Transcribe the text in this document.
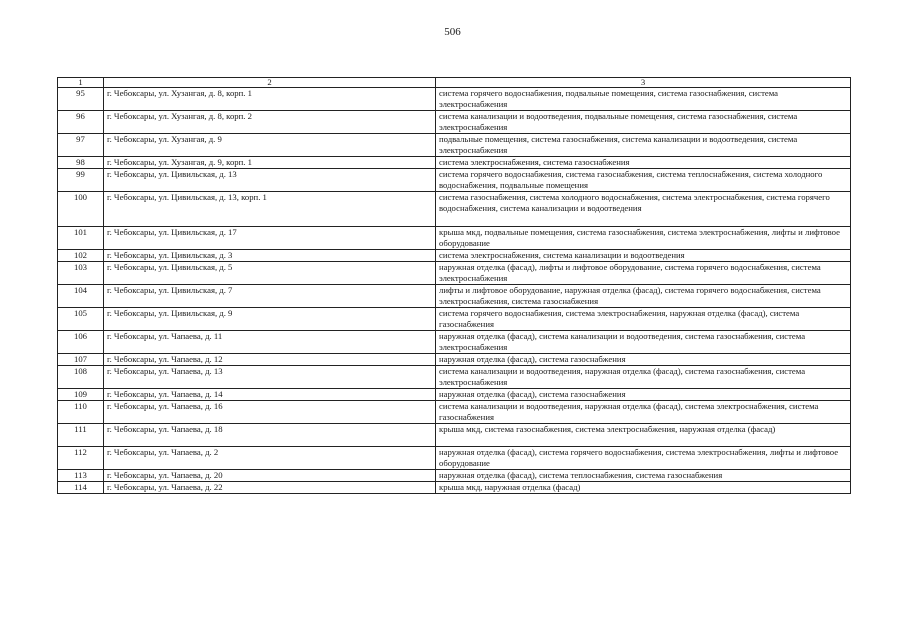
506
1	2	3
95	г. Чебоксары, ул. Хузангая, д. 8, корп. 1	система горячего водоснабжения, подвальные помещения, система газоснабжения, система электроснабжения
96	г. Чебоксары, ул. Хузангая, д. 8, корп. 2	система канализации и водоотведения, подвальные помещения, система газоснабжения, система электроснабжения
97	г. Чебоксары, ул. Хузангая, д. 9	подвальные помещения, система газоснабжения, система канализации и водоотведения, система электроснабжения
98	г. Чебоксары, ул. Хузангая, д. 9, корп. 1	система электроснабжения, система газоснабжения
99	г. Чебоксары, ул. Цивильская, д. 13	система горячего водоснабжения, система газоснабжения, система теплоснабжения, система холодного водоснабжения, подвальные помещения
100	г. Чебоксары, ул. Цивильская, д. 13, корп. 1	система газоснабжения, система холодного водоснабжения, система электроснабжения, система горячего водоснабжения, система канализации и водоотведения
101	г. Чебоксары, ул. Цивильская, д. 17	крыша мкд, подвальные помещения, система газоснабжения, система электроснабжения, лифты и лифтовое оборудование
102	г. Чебоксары, ул. Цивильская, д. 3	система электроснабжения, система канализации и водоотведения
103	г. Чебоксары, ул. Цивильская, д. 5	наружная отделка (фасад), лифты и лифтовое оборудование, система горячего водоснабжения, система электроснабжения
104	г. Чебоксары, ул. Цивильская, д. 7	лифты и лифтовое оборудование, наружная отделка (фасад), система горячего водоснабжения, система электроснабжения, система газоснабжения
105	г. Чебоксары, ул. Цивильская, д. 9	система горячего водоснабжения, система электроснабжения, наружная отделка (фасад), система газоснабжения
106	г. Чебоксары, ул. Чапаева, д. 11	наружная отделка (фасад), система канализации и водоотведения, система газоснабжения, система электроснабжения
107	г. Чебоксары, ул. Чапаева, д. 12	наружная отделка (фасад), система газоснабжения
108	г. Чебоксары, ул. Чапаева, д. 13	система канализации и водоотведения, наружная отделка (фасад), система газоснабжения, система электроснабжения
109	г. Чебоксары, ул. Чапаева, д. 14	наружная отделка (фасад), система газоснабжения
110	г. Чебоксары, ул. Чапаева, д. 16	система канализации и водоотведения, наружная отделка (фасад), система электроснабжения, система газоснабжения
111	г. Чебоксары, ул. Чапаева, д. 18	крыша мкд, система газоснабжения, система электроснабжения, наружная отделка (фасад)
112	г. Чебоксары, ул. Чапаева, д. 2	наружная отделка (фасад), система горячего водоснабжения, система электроснабжения, лифты и лифтовое оборудование
113	г. Чебоксары, ул. Чапаева, д. 20	наружная отделка (фасад), система теплоснабжения, система газоснабжения
114	г. Чебоксары, ул. Чапаева, д. 22	крыша мкд, наружная отделка (фасад)
